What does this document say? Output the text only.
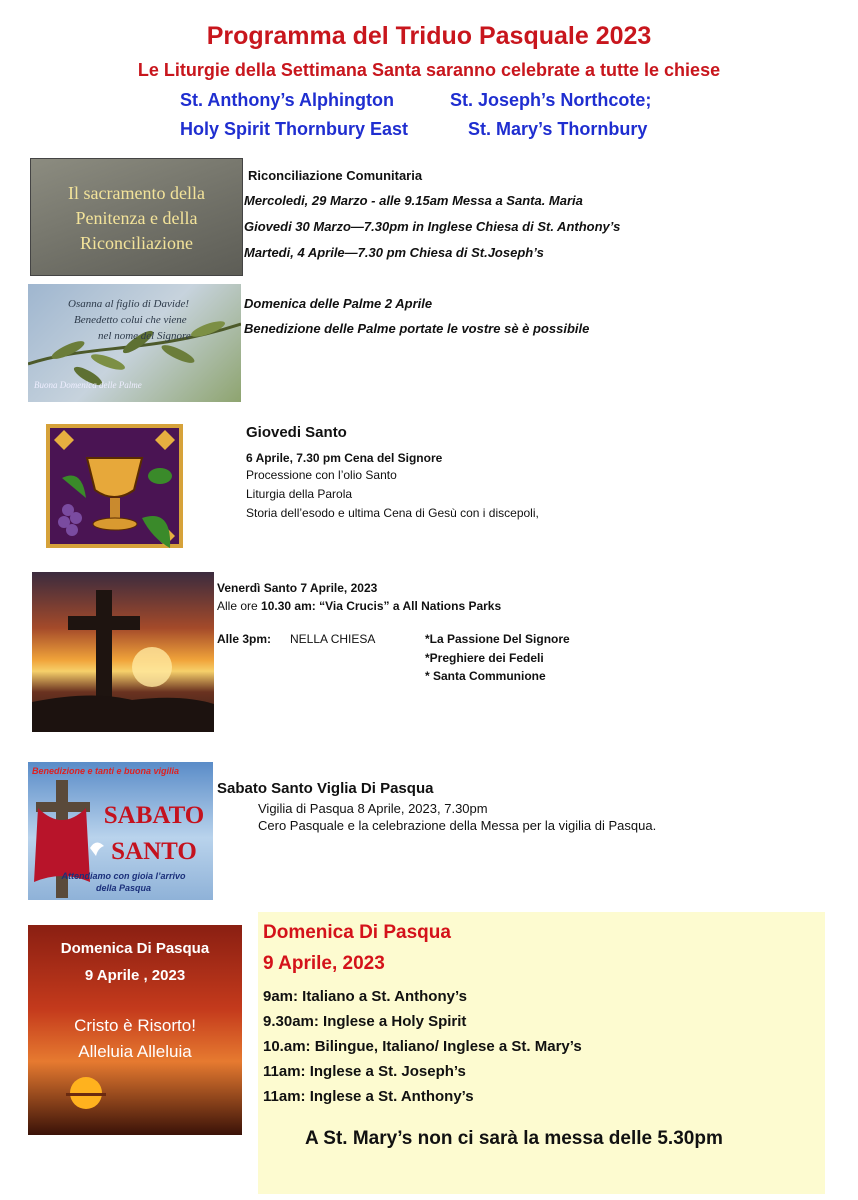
Programma del Triduo Pasquale 2023
Le Liturgie della Settimana Santa saranno celebrate a tutte le chiese
St. Anthony’s Alphington	St. Joseph’s Northcote;
Holy Spirit Thornbury East	St. Mary’s Thornbury
Il sacramento della
Penitenza e della
Riconciliazione
Riconciliazione Comunitaria
Mercoledi, 29 Marzo - alle 9.15am Messa a Santa. Maria
Giovedi 30 Marzo—7.30pm in Inglese Chiesa di St. Anthony’s
Martedi, 4 Aprile—7.30 pm Chiesa di St.Joseph’s
Osanna al figlio di Davide!
Benedetto colui che viene
nel nome del Signore
Buona Domenica delle Palme
Domenica delle Palme 2 Aprile
Benedizione delle Palme portate le vostre sè è possibile
Giovedi Santo
6 Aprile, 7.30 pm Cena del Signore
Processione con l’olio Santo
Liturgia della Parola
Storia dell’esodo e ultima Cena di Gesù con i discepoli,
Venerdì Santo 7 Aprile, 2023
Alle ore 10.30 am: “Via Crucis” a All Nations Parks
Alle 3pm: NELLA CHIESA	*La Passione Del Signore
*Preghiere dei Fedeli
* Santa Communione
Benedizione e tanti e buona vigilia
SABATO
SANTO
Attendiamo con gioia l’arrivo
della Pasqua
Sabato Santo Viglia Di Pasqua
Vigilia di Pasqua 8 Aprile, 2023, 7.30pm
Cero Pasquale e la celebrazione della Messa per la vigilia di Pasqua.
Domenica Di Pasqua
9 Aprile , 2023
Cristo è Risorto!
Alleluia Alleluia
Domenica Di Pasqua
9 Aprile, 2023
9am: Italiano a St. Anthony’s
9.30am: Inglese a Holy Spirit
10.am: Bilingue, Italiano/ Inglese a St. Mary’s
11am: Inglese a St. Joseph’s
11am: Inglese a St. Anthony’s
A St. Mary’s non ci sarà la messa delle 5.30pm
